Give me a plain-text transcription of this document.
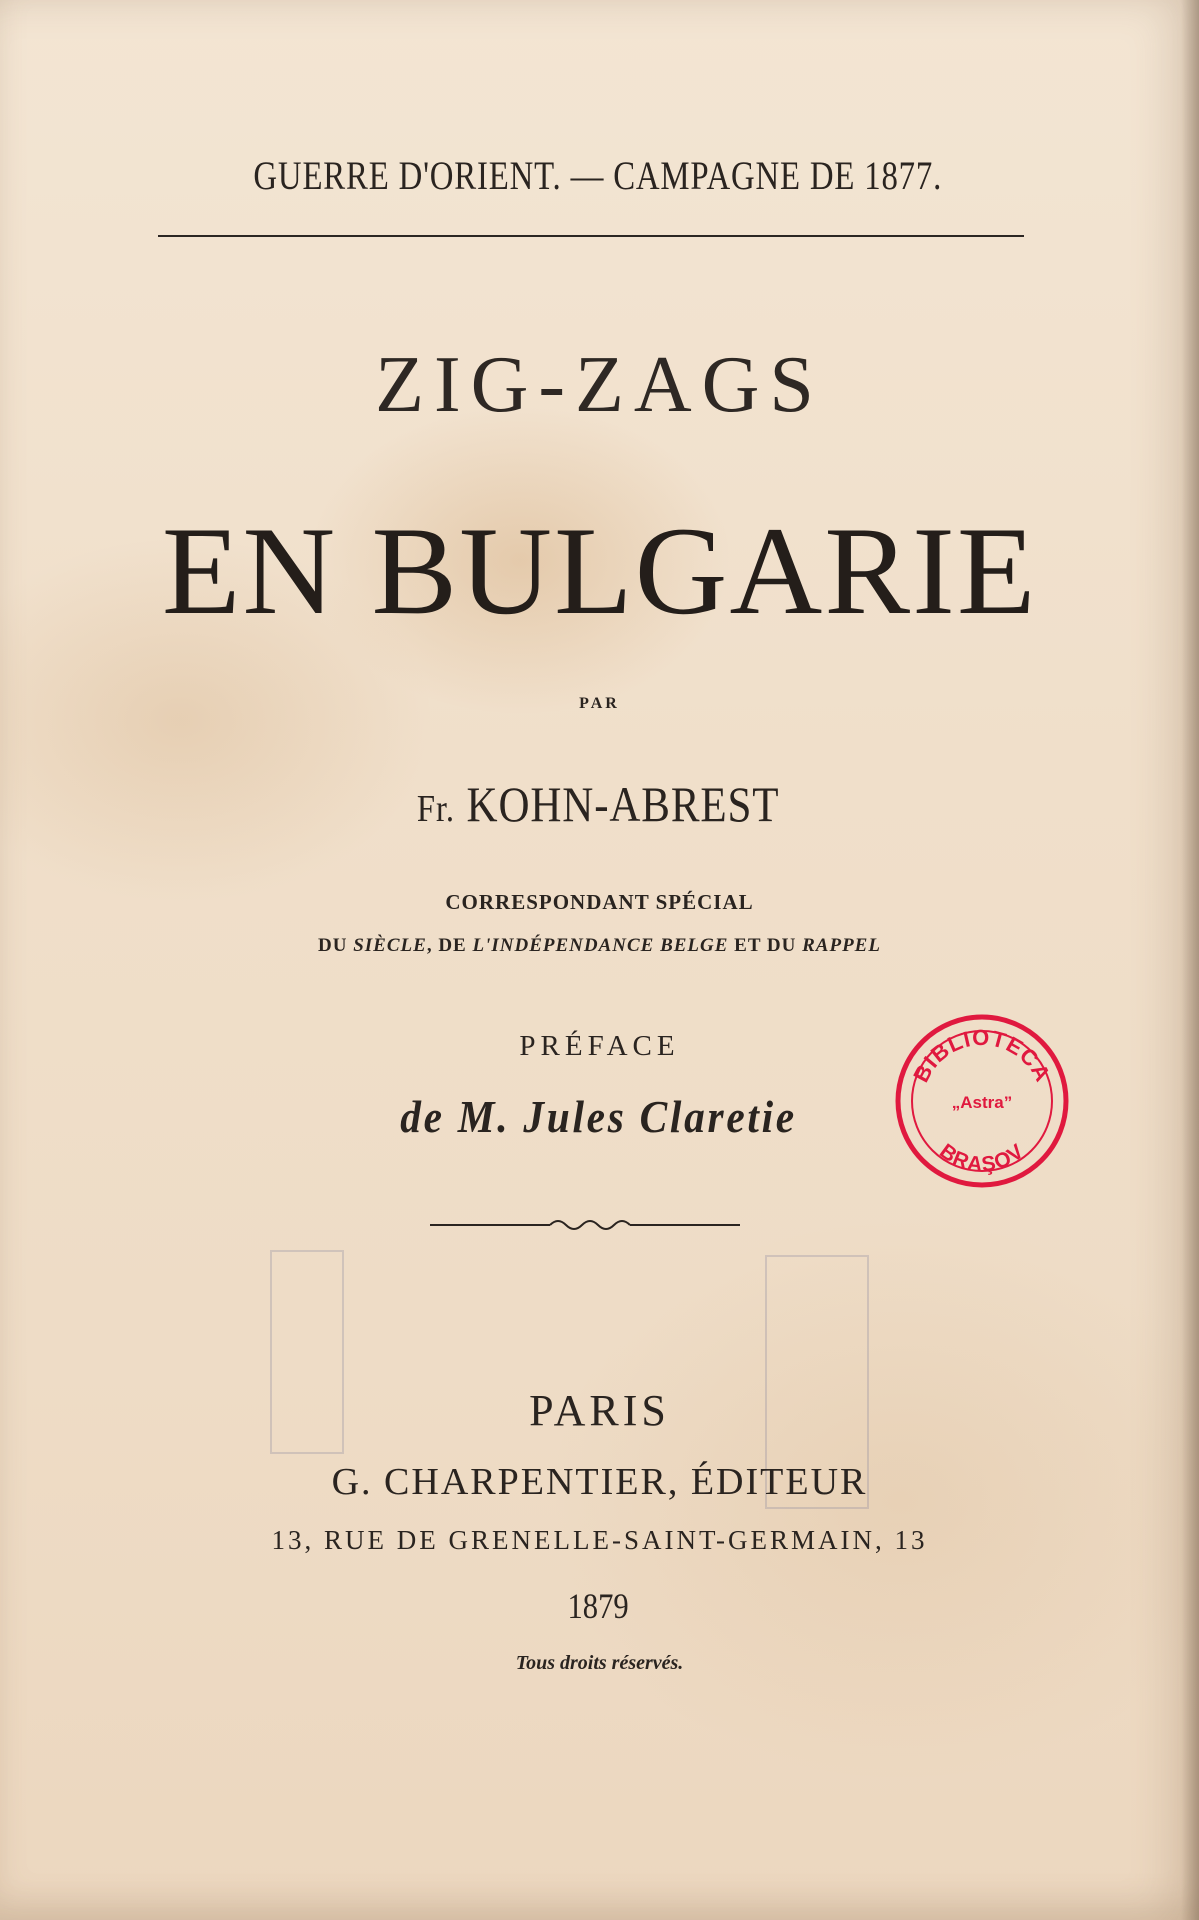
GUERRE D'ORIENT. — CAMPAGNE DE 1877.
ZIG-ZAGS
EN BULGARIE
PAR
Fr. KOHN-ABREST
CORRESPONDANT SPÉCIAL
DU SIÈCLE, DE L'INDÉPENDANCE BELGE ET DU RAPPEL
PRÉFACE
de M. Jules Claretie
PARIS
G. CHARPENTIER, ÉDITEUR
13, RUE DE GRENELLE-SAINT-GERMAIN, 13
1879
Tous droits réservés.
BIBLIOTECA
„Astra”
BRAŞOV
